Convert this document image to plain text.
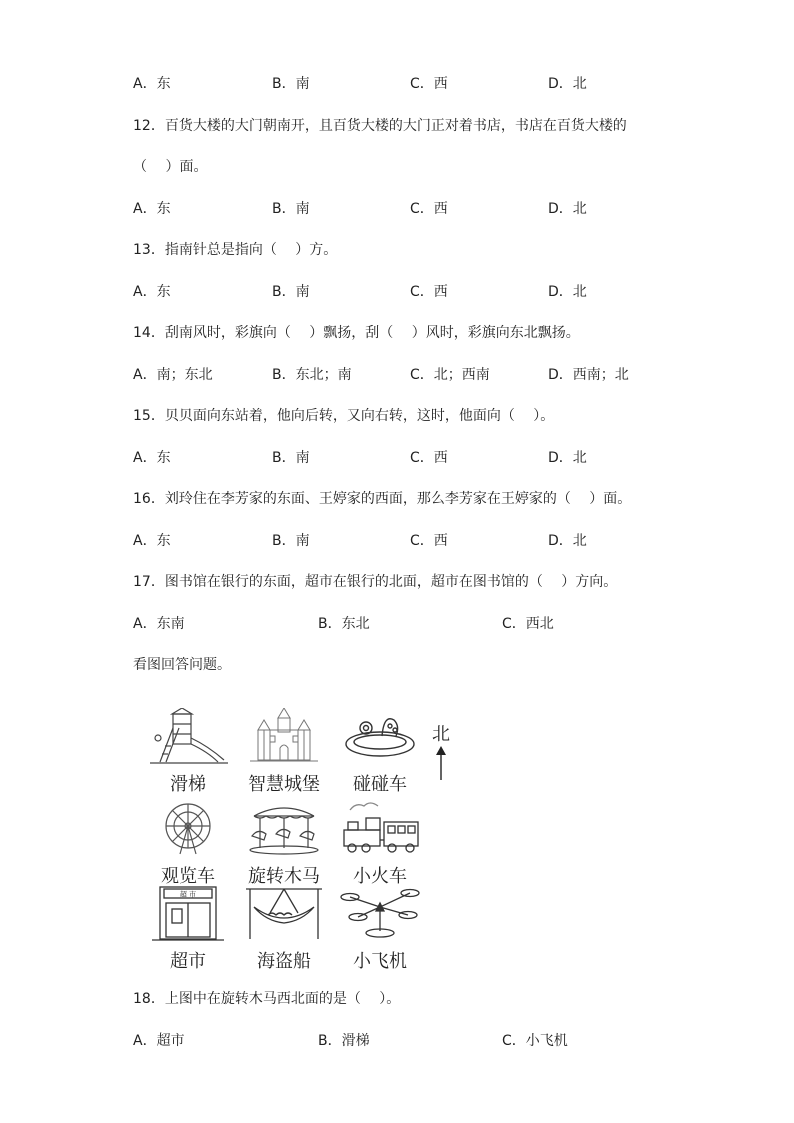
A．东	B．南	C．西	D．北
12．百货大楼的大门朝南开，且百货大楼的大门正对着书店，书店在百货大楼的
（　 ）面。
A．东	B．南	C．西	D．北
13．指南针总是指向（　 ）方。
A．东	B．南	C．西	D．北
14．刮南风时，彩旗向（　 ）飘扬，刮（　 ）风时，彩旗向东北飘扬。
A．南；东北	B．东北；南	C．北；西南	D．西南；北
15．贝贝面向东站着，他向后转，又向右转，这时，他面向（　 ）。
A．东	B．南	C．西	D．北
16．刘玲住在李芳家的东面、王婷家的西面，那么李芳家在王婷家的（　 ）面。
A．东	B．南	C．西	D．北
17．图书馆在银行的东面，超市在银行的北面，超市在图书馆的（　 ）方向。
A．东南	B．东北	C．西北
看图回答问题。
滑梯	智慧城堡	碰碰车
北
观览车	旋转木马	小火车
超 市
超市	海盗船	小飞机
18．上图中在旋转木马西北面的是（　 ）。
A．超市	B．滑梯	C．小飞机
